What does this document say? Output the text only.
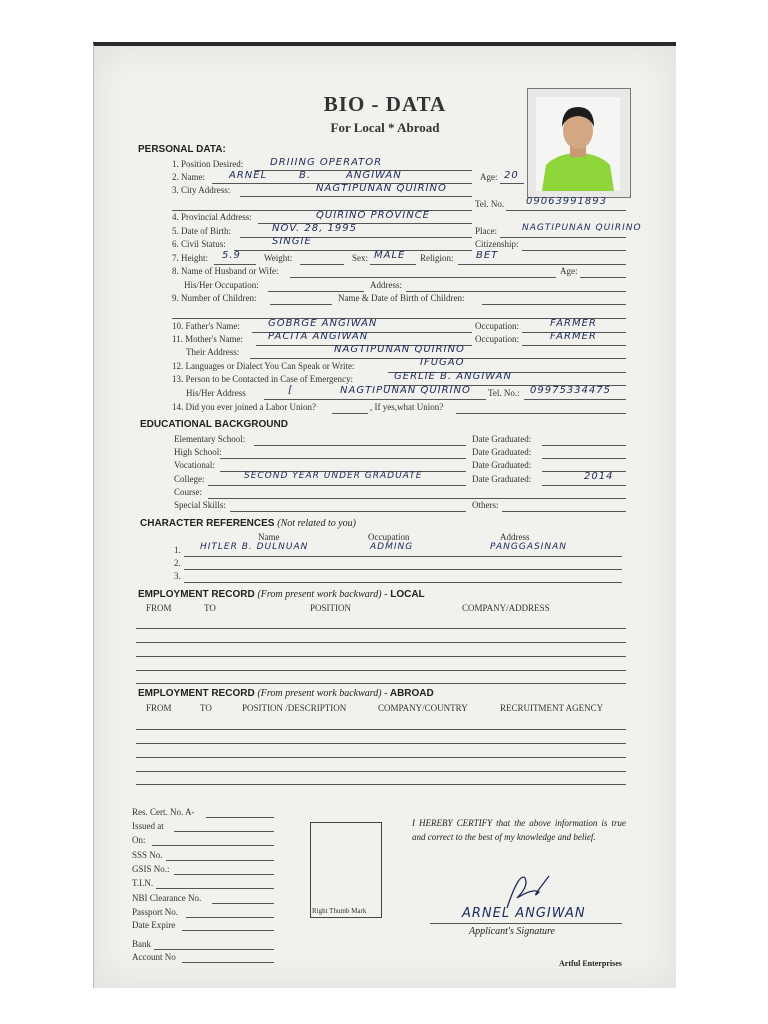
BIO - DATA
For Local * Abroad
PERSONAL DATA:
1. Position Desired:	DRIIING OPERATOR
2. Name: ARNEL	B.	ANGIWAN	Age: 20
3. City Address:	NAGTIPUNAN QUIRINO
Tel. No. 09063991893
4. Provincial Address:	QUIRINO PROVINCE
5. Date of Birth:	NOV. 28, 1995	Place:	NAGTIPUNAN QUIRINO
6. Civil Status:	SINGIE	Citizenship:
7. Height: 5.9	Weight:	Sex: MALE Religion: BET
8. Name of Husband or Wife:	Age:
His/Her Occupation:	Address:
9. Number of Children:	Name & Date of Birth of Children:
10. Father's Name:	GOBRGE ANGIWAN	Occupation:	FARMER
11. Mother's Name: PACITA ANGIWAN	Occupation:	FARMER
Their Address:	NAGTIPUNAN QUIRINO
12. Languages or Dialect You Can Speak or Write:	IFUGAO
13. Person to be Contacted in Case of Emergency:	GERLIE B. ANGIWAN
His/Her Address	[	NAGTIPUNAN QUIRINO Tel. No.: 09975334475
14. Did you ever joined a Labor Union?	, If yes,what Union?
EDUCATIONAL BACKGROUND
Elementary School:	Date Graduated:
High School:	Date Graduated:
Vocational:	Date Graduated:
College:	SECOND YEAR UNDER GRADUATE	Date Graduated:	2014
Course:
Special Skills:	Others:
CHARACTER REFERENCES (Not related to you)
Name	Occupation	Address
1. HITLER B. DULNUAN	ADMING	PANGGASINAN
2.
3.
EMPLOYMENT RECORD (From present work backward) - LOCAL
FROM	TO	POSITION	COMPANY/ADDRESS
EMPLOYMENT RECORD (From present work backward) - ABROAD
FROM	TO	POSITION /DESCRIPTION	COMPANY/COUNTRY	RECRUITMENT AGENCY
Res. Cert. No. A-
Issued at
On:
SSS No.
GSIS No.:
T.I.N.
NBI Clearance No.
Passport No.
Date Expire
Bank
Account No
Right Thumb Mark
I HEREBY CERTIFY that the above information is true and correct to the best of my knowledge and belief.
ARNEL ANGIWAN
Applicant's Signature
Artful Enterprises
